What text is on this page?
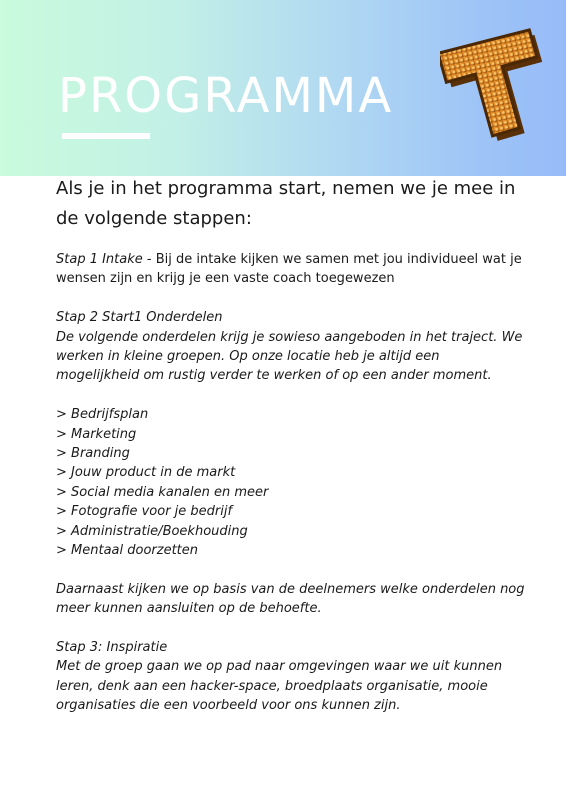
PROGRAMMA
Als je in het programma start, nemen we je mee in de volgende stappen:

Stap 1 Intake - Bij de intake kijken we samen met jou individueel wat je wensen zijn en krijg je een vaste coach toegewezen

Stap 2 Start1 Onderdelen

De volgende onderdelen krijg je sowieso aangeboden in het traject. We werken in kleine groepen. Op onze locatie heb je altijd een mogelijkheid om rustig verder te werken of op een ander moment.

> Bedrijfsplan
> Marketing
> Branding
> Jouw product in de markt
> Social media kanalen en meer
> Fotografie voor je bedrijf
> Administratie/Boekhouding
> Mentaal doorzetten

Daarnaast kijken we op basis van de deelnemers welke onderdelen nog meer kunnen aansluiten op de behoefte.

Stap 3: Inspiratie

Met de groep gaan we op pad naar omgevingen waar we uit kunnen leren, denk aan een hacker-space, broedplaats organisatie, mooie organisaties die een voorbeeld voor ons kunnen zijn.
